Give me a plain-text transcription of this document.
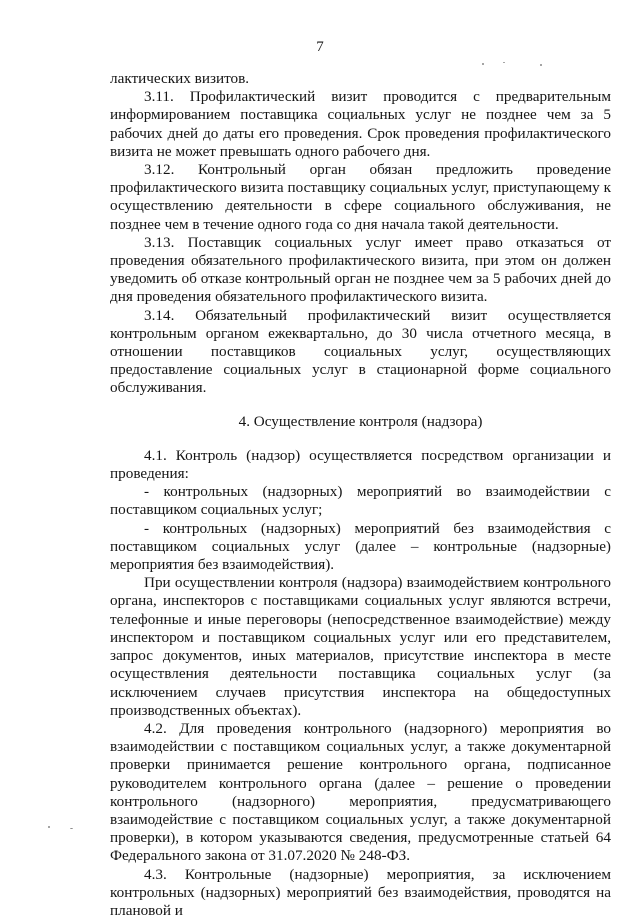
7

лактических визитов.

3.11. Профилактический визит проводится с предварительным информированием поставщика социальных услуг не позднее чем за 5 рабочих дней до даты его проведения. Срок проведения профилактического визита не может превышать одного рабочего дня.

3.12. Контрольный орган обязан предложить проведение профилактического визита поставщику социальных услуг, приступающему к осуществлению деятельности в сфере социального обслуживания, не позднее чем в течение одного года со дня начала такой деятельности.

3.13. Поставщик социальных услуг имеет право отказаться от проведения обязательного профилактического визита, при этом он должен уведомить об отказе контрольный орган не позднее чем за 5 рабочих дней до дня проведения обязательного профилактического визита.

3.14. Обязательный профилактический визит осуществляется контрольным органом ежеквартально, до 30 числа отчетного месяца, в отношении поставщиков социальных услуг, осуществляющих предоставление социальных услуг в стационарной форме социального обслуживания.

4. Осуществление контроля (надзора)

4.1. Контроль (надзор) осуществляется посредством организации и проведения:

- контрольных (надзорных) мероприятий во взаимодействии с поставщиком социальных услуг;

- контрольных (надзорных) мероприятий без взаимодействия с поставщиком социальных услуг (далее – контрольные (надзорные) мероприятия без взаимодействия).

При осуществлении контроля (надзора) взаимодействием контрольного органа, инспекторов с поставщиками социальных услуг являются встречи, телефонные и иные переговоры (непосредственное взаимодействие) между инспектором и поставщиком социальных услуг или его представителем, запрос документов, иных материалов, присутствие инспектора в месте осуществления деятельности поставщика социальных услуг (за исключением случаев присутствия инспектора на общедоступных производственных объектах).

4.2. Для проведения контрольного (надзорного) мероприятия во взаимодействии с поставщиком социальных услуг, а также документарной проверки принимается решение контрольного органа, подписанное руководителем контрольного органа (далее – решение о проведении контрольного (надзорного) мероприятия, предусматривающего взаимодействие с поставщиком социальных услуг, а также документарной проверки), в котором указываются сведения, предусмотренные статьей 64 Федерального закона от 31.07.2020 № 248-ФЗ.

4.3. Контрольные (надзорные) мероприятия, за исключением контрольных (надзорных) мероприятий без взаимодействия, проводятся на плановой и
